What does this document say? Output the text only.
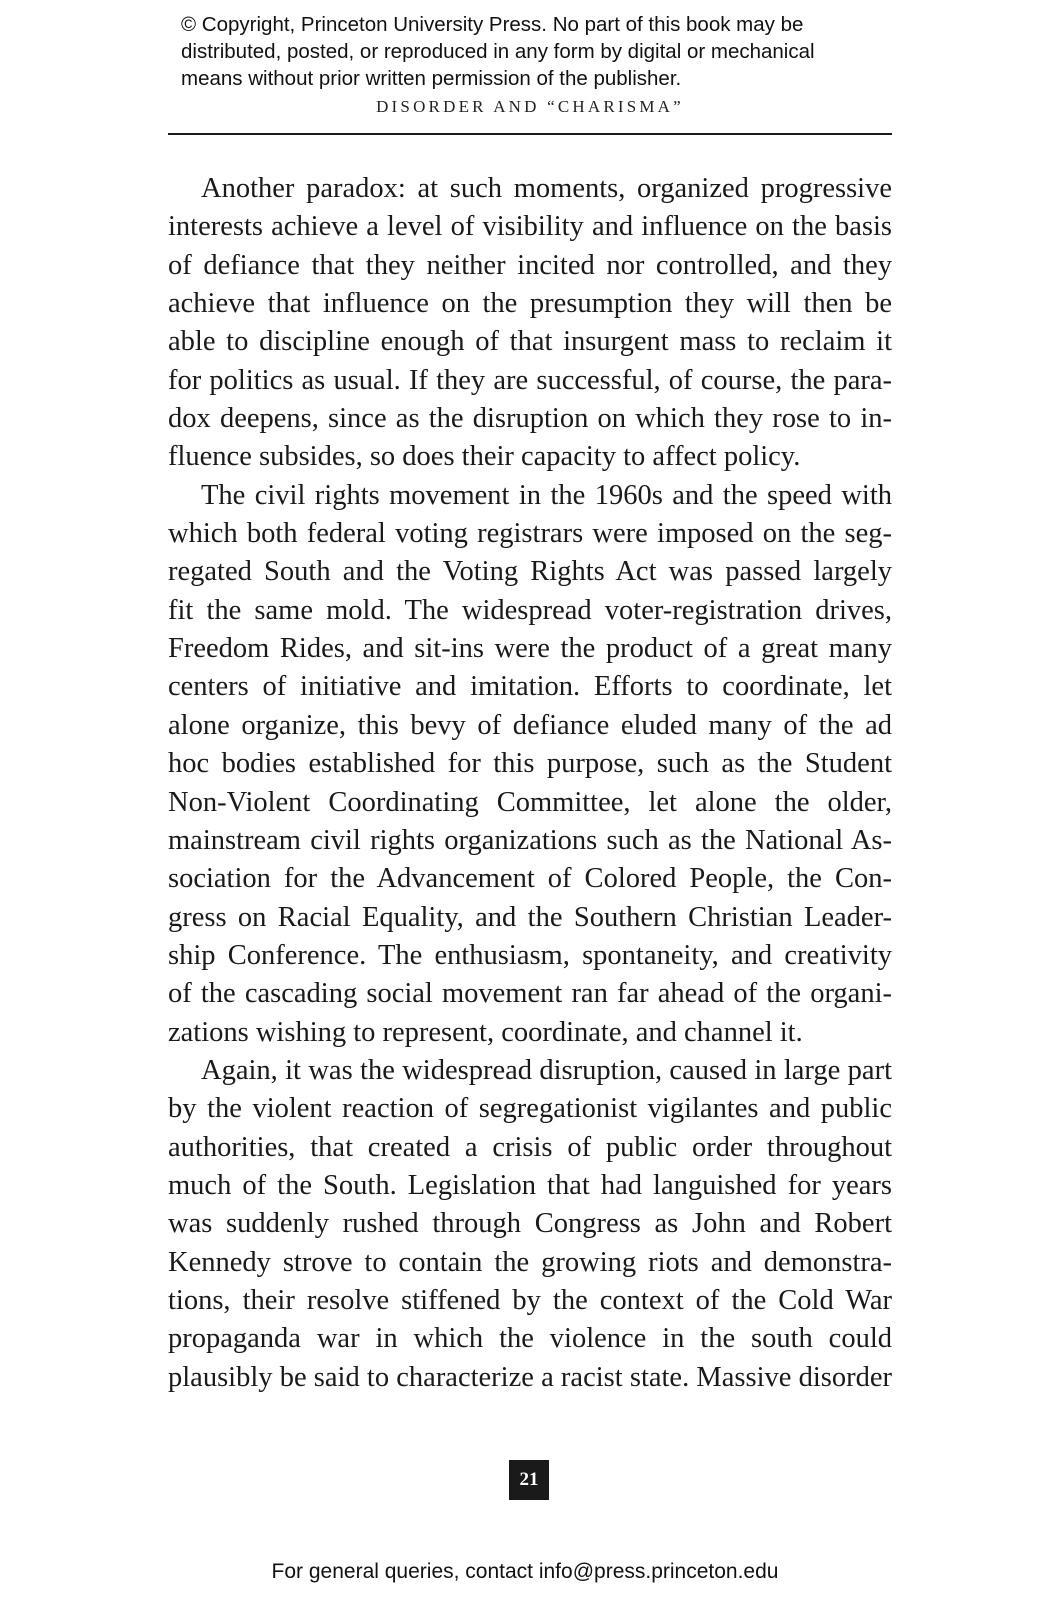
© Copyright, Princeton University Press. No part of this book may be
distributed, posted, or reproduced in any form by digital or mechanical
means without prior written permission of the publisher.
DISORDER AND “CHARISMA”
Another paradox: at such moments, organized progressive
interests achieve a level of visibility and influence on the basis
of defiance that they neither incited nor controlled, and they
achieve that influence on the presumption they will then be
able to discipline enough of that insurgent mass to reclaim it
for politics as usual. If they are successful, of course, the para-
dox deepens, since as the disruption on which they rose to in-
fluence subsides, so does their capacity to affect policy.
The civil rights movement in the 1960s and the speed with
which both federal voting registrars were imposed on the seg-
regated South and the Voting Rights Act was passed largely
fit the same mold. The widespread voter-registration drives,
Freedom Rides, and sit-ins were the product of a great many
centers of initiative and imitation. Efforts to coordinate, let
alone organize, this bevy of defiance eluded many of the ad
hoc bodies established for this purpose, such as the Student
Non-Violent Coordinating Committee, let alone the older,
mainstream civil rights organizations such as the National As-
sociation for the Advancement of Colored People, the Con-
gress on Racial Equality, and the Southern Christian Leader-
ship Conference. The enthusiasm, spontaneity, and creativity
of the cascading social movement ran far ahead of the organi-
zations wishing to represent, coordinate, and channel it.
Again, it was the widespread disruption, caused in large part
by the violent reaction of segregationist vigilantes and public
authorities, that created a crisis of public order throughout
much of the South. Legislation that had languished for years
was suddenly rushed through Congress as John and Robert
Kennedy strove to contain the growing riots and demonstra-
tions, their resolve stiffened by the context of the Cold War
propaganda war in which the violence in the south could
plausibly be said to characterize a racist state. Massive disorder
21
For general queries, contact info@press.princeton.edu
